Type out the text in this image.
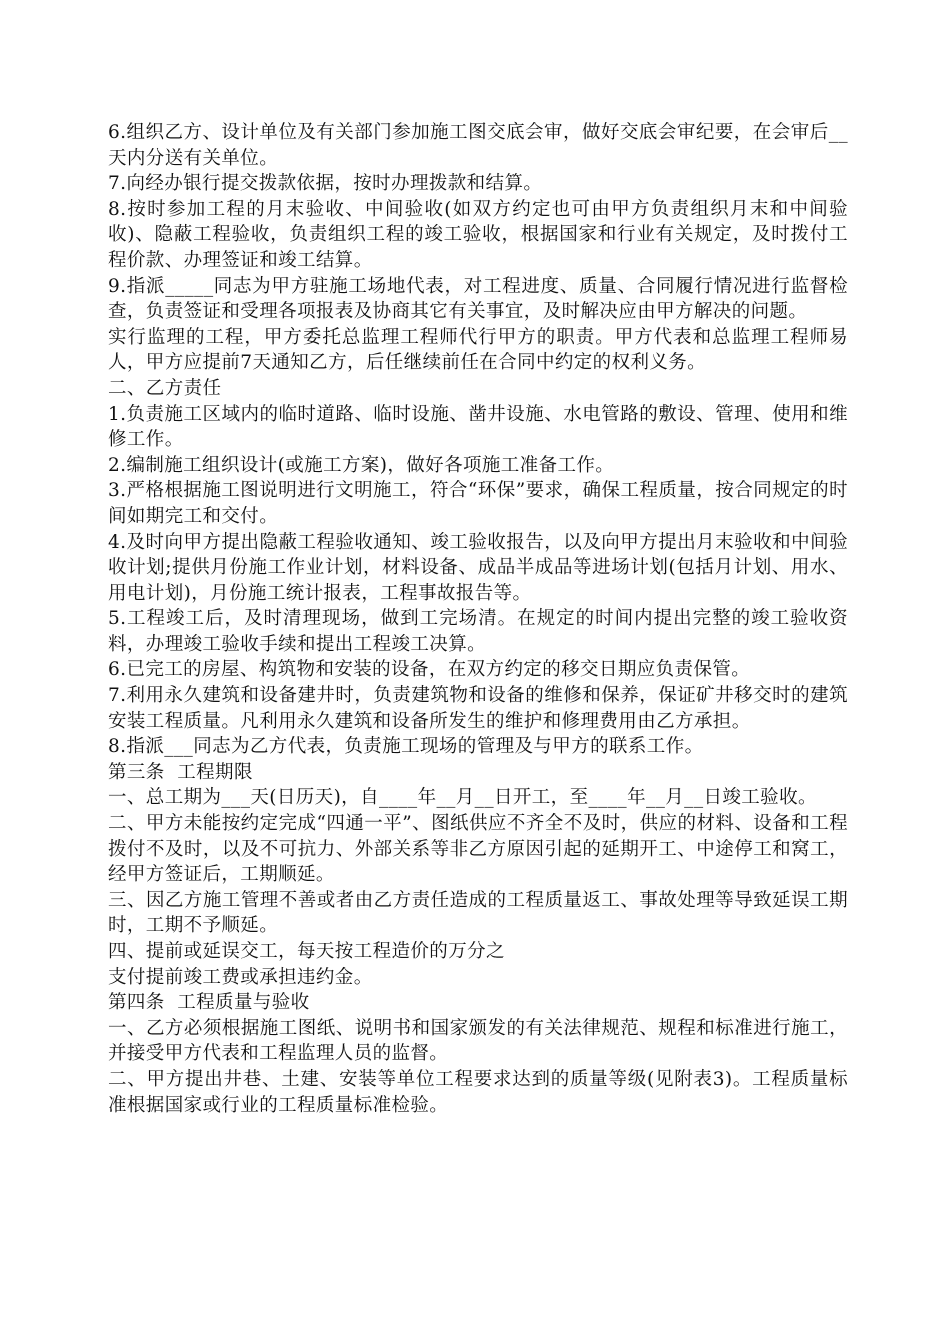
6.组织乙方、设计单位及有关部门参加施工图交底会审，做好交底会审纪要，在会审后__天内分送有关单位。

7.向经办银行提交拨款依据，按时办理拨款和结算。

8.按时参加工程的月末验收、中间验收(如双方约定也可由甲方负责组织月末和中间验收)、隐蔽工程验收，负责组织工程的竣工验收，根据国家和行业有关规定，及时拨付工程价款、办理签证和竣工结算。

9.指派_____同志为甲方驻施工场地代表，对工程进度、质量、合同履行情况进行监督检查，负责签证和受理各项报表及协商其它有关事宜，及时解决应由甲方解决的问题。

实行监理的工程，甲方委托总监理工程师代行甲方的职责。甲方代表和总监理工程师易人，甲方应提前7天通知乙方，后任继续前任在合同中约定的权利义务。

二、乙方责任

1.负责施工区域内的临时道路、临时设施、凿井设施、水电管路的敷设、管理、使用和维修工作。

2.编制施工组织设计(或施工方案)，做好各项施工准备工作。

3.严格根据施工图说明进行文明施工，符合“环保”要求，确保工程质量，按合同规定的时间如期完工和交付。

4.及时向甲方提出隐蔽工程验收通知、竣工验收报告，以及向甲方提出月末验收和中间验收计划;提供月份施工作业计划，材料设备、成品半成品等进场计划(包括月计划、用水、用电计划)，月份施工统计报表，工程事故报告等。

5.工程竣工后，及时清理现场，做到工完场清。在规定的时间内提出完整的竣工验收资料，办理竣工验收手续和提出工程竣工决算。

6.已完工的房屋、构筑物和安装的设备，在双方约定的移交日期应负责保管。

7.利用永久建筑和设备建井时，负责建筑物和设备的维修和保养，保证矿井移交时的建筑安装工程质量。凡利用永久建筑和设备所发生的维护和修理费用由乙方承担。

8.指派___同志为乙方代表，负责施工现场的管理及与甲方的联系工作。

第三条  工程期限

一、总工期为___天(日历天)，自____年__月__日开工，至____年__月__日竣工验收。

二、甲方未能按约定完成“四通一平”、图纸供应不齐全不及时，供应的材料、设备和工程拨付不及时，以及不可抗力、外部关系等非乙方原因引起的延期开工、中途停工和窝工，经甲方签证后，工期顺延。

三、因乙方施工管理不善或者由乙方责任造成的工程质量返工、事故处理等导致延误工期时，工期不予顺延。

四、提前或延误交工，每天按工程造价的万分之

支付提前竣工费或承担违约金。

第四条  工程质量与验收

一、乙方必须根据施工图纸、说明书和国家颁发的有关法律规范、规程和标准进行施工，并接受甲方代表和工程监理人员的监督。

二、甲方提出井巷、土建、安装等单位工程要求达到的质量等级(见附表3)。工程质量标准根据国家或行业的工程质量标准检验。
